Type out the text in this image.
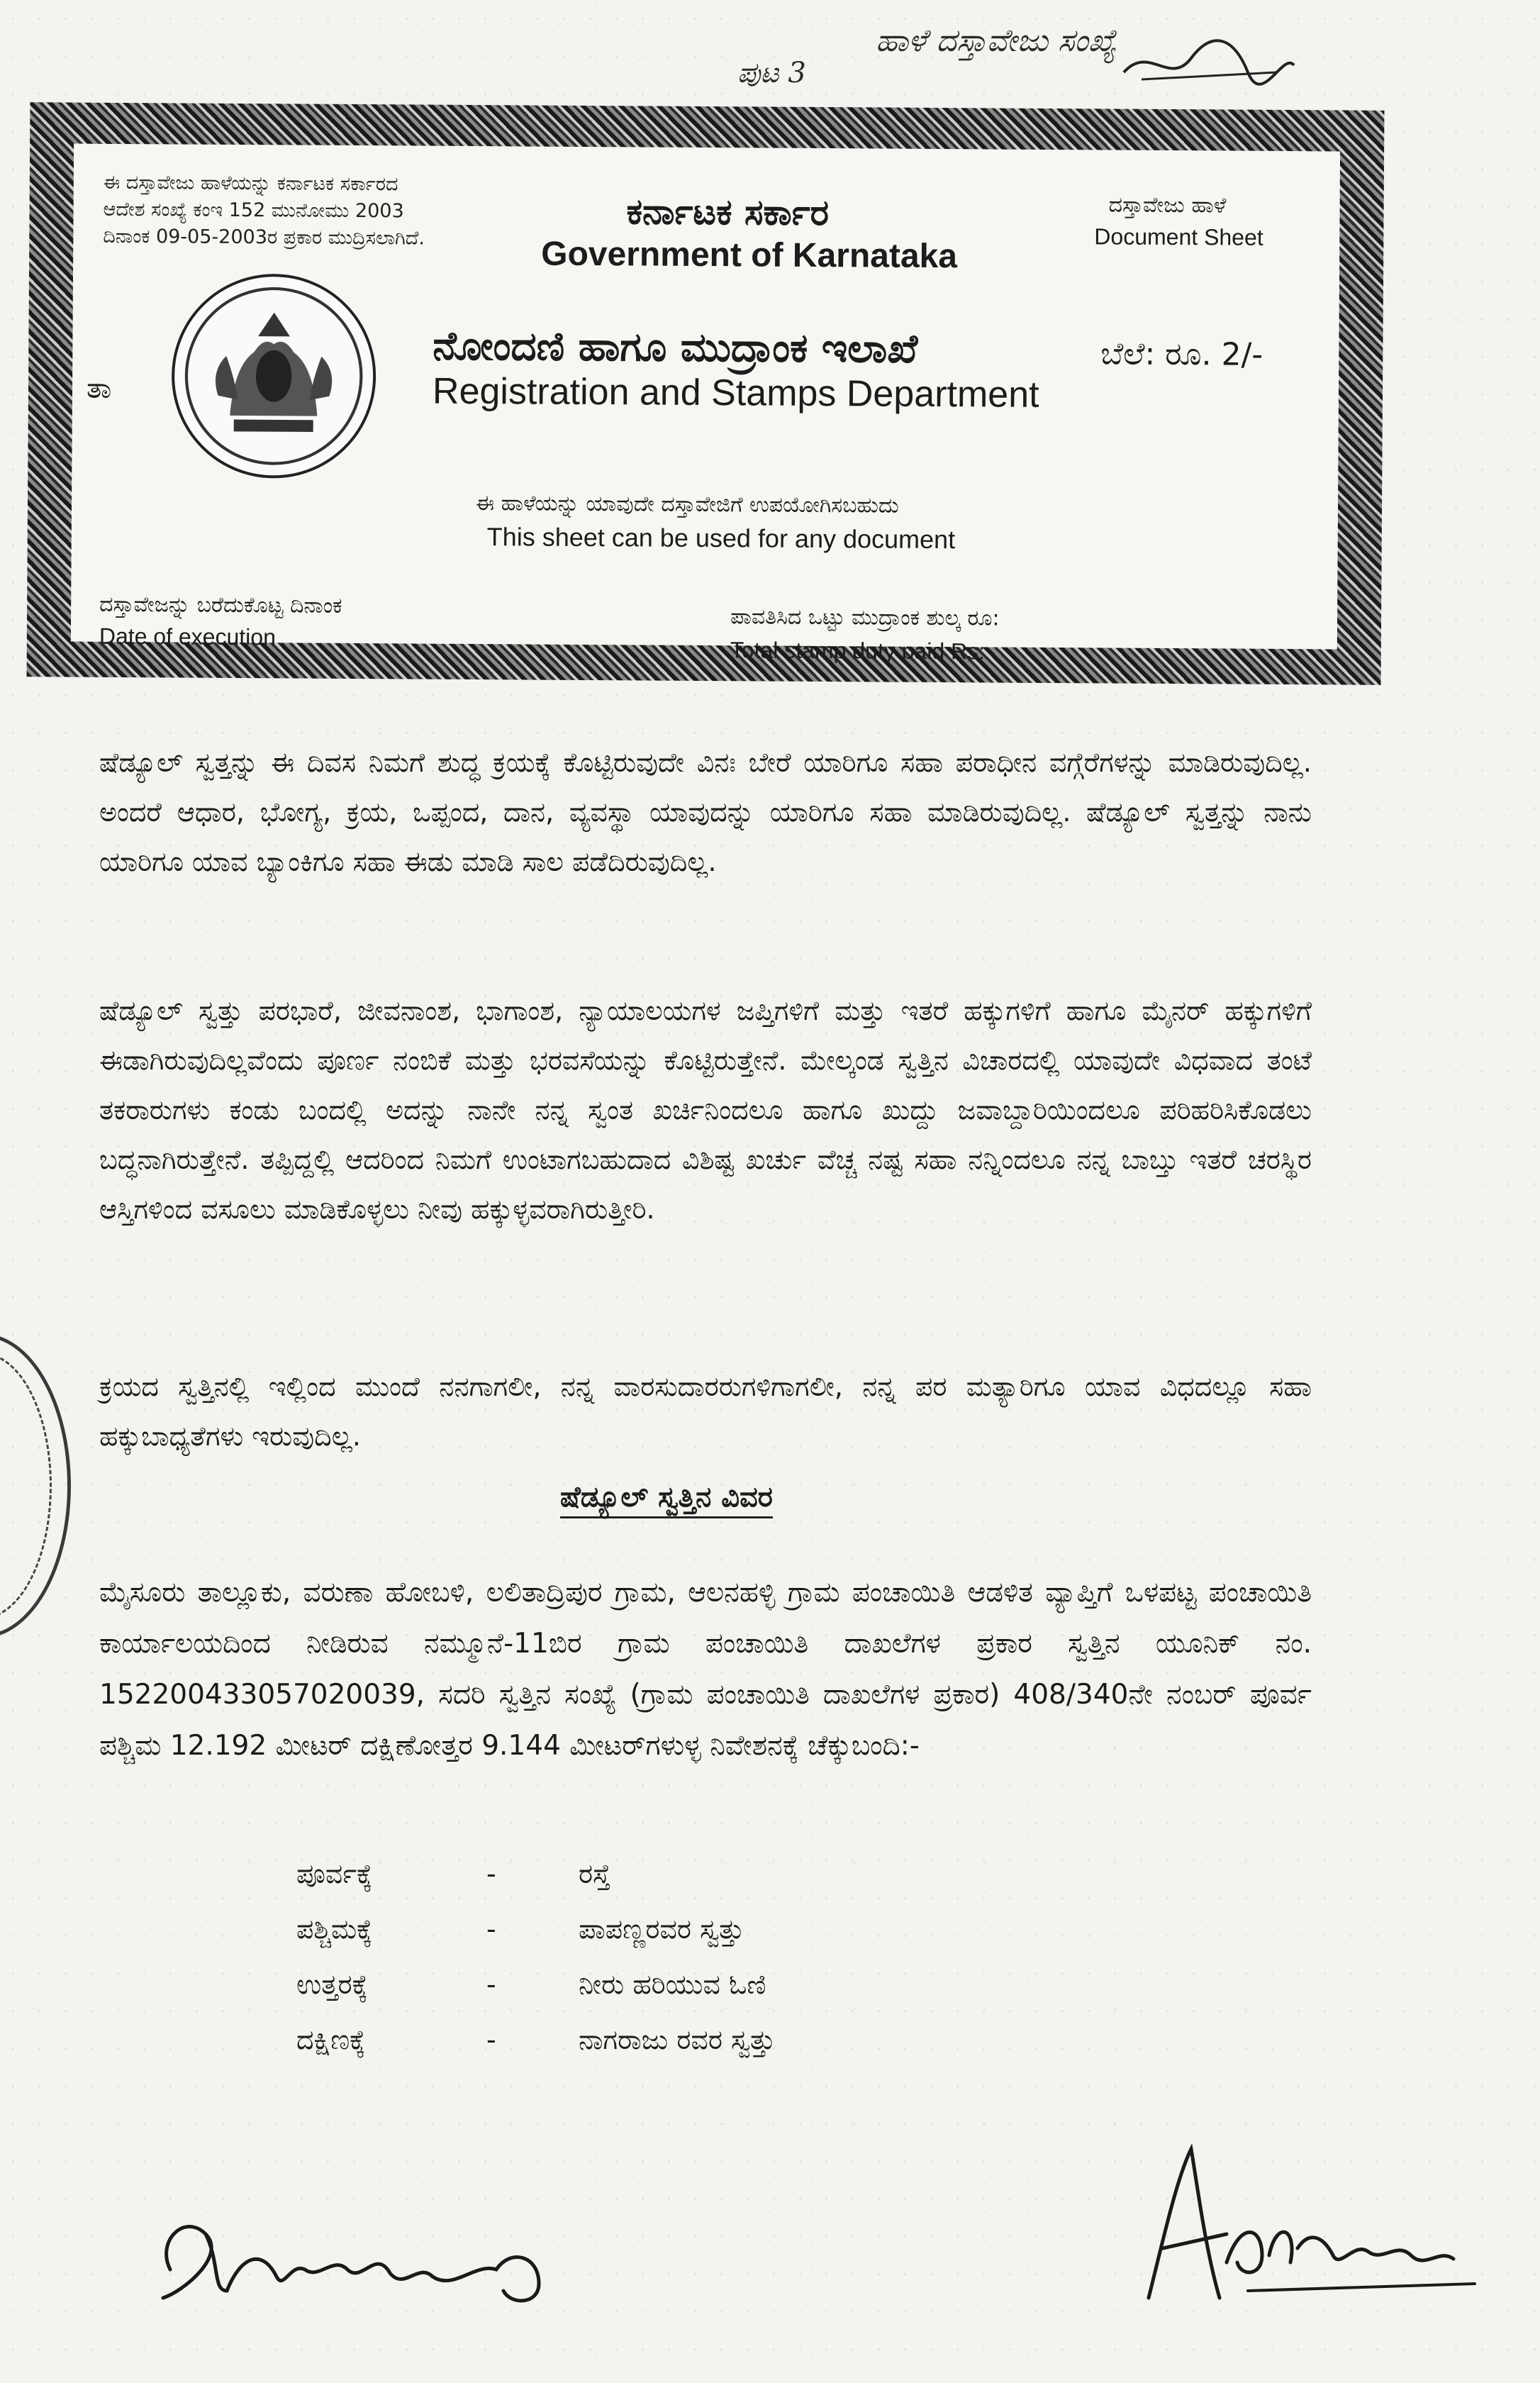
ಪುಟ 3
ಹಾಳೆ ದಸ್ತಾವೇಜು ಸಂಖ್ಯೆ
ಈ ದಸ್ತಾವೇಜು ಹಾಳೆಯನ್ನು ಕರ್ನಾಟಕ ಸರ್ಕಾರದ
ಆದೇಶ ಸಂಖ್ಯೆ ಕಂಇ 152 ಮುನೋಮು 2003
ದಿನಾಂಕ 09-05-2003ರ ಪ್ರಕಾರ ಮುದ್ರಿಸಲಾಗಿದೆ.
ಕರ್ನಾಟಕ ಸರ್ಕಾರ
Government of Karnataka
ದಸ್ತಾವೇಜು ಹಾಳೆ
Document Sheet
ನೋಂದಣಿ ಹಾಗೂ ಮುದ್ರಾಂಕ ಇಲಾಖೆ
Registration and Stamps Department
ಬೆಲೆ: ರೂ. 2/-
ತಾ
ಈ ಹಾಳೆಯನ್ನು ಯಾವುದೇ ದಸ್ತಾವೇಜಿಗೆ ಉಪಯೋಗಿಸಬಹುದು
This sheet can be used for any document
ದಸ್ತಾವೇಜನ್ನು ಬರೆದುಕೊಟ್ಟ ದಿನಾಂಕ
Date of execution
ಪಾವತಿಸಿದ ಒಟ್ಟು ಮುದ್ರಾಂಕ ಶುಲ್ಕ ರೂ:
Total stamp duty paid Rs:
ಷೆಡ್ಯೂಲ್ ಸ್ವತ್ತನ್ನು ಈ ದಿವಸ ನಿಮಗೆ ಶುದ್ಧ ಕ್ರಯಕ್ಕೆ ಕೊಟ್ಟಿರುವುದೇ ವಿನಃ ಬೇರೆ ಯಾರಿಗೂ ಸಹಾ ಪರಾಧೀನ ವಗ್ಗೆರೆಗಳನ್ನು ಮಾಡಿರುವುದಿಲ್ಲ. ಅಂದರೆ ಆಧಾರ, ಭೋಗ್ಯ, ಕ್ರಯ, ಒಪ್ಪಂದ, ದಾನ, ವ್ಯವಸ್ಥಾ ಯಾವುದನ್ನು ಯಾರಿಗೂ ಸಹಾ ಮಾಡಿರುವುದಿಲ್ಲ. ಷೆಡ್ಯೂಲ್ ಸ್ವತ್ತನ್ನು ನಾನು ಯಾರಿಗೂ ಯಾವ ಬ್ಯಾಂಕಿಗೂ ಸಹಾ ಈಡು ಮಾಡಿ ಸಾಲ ಪಡೆದಿರುವುದಿಲ್ಲ.
ಷೆಡ್ಯೂಲ್ ಸ್ವತ್ತು ಪರಭಾರೆ, ಜೀವನಾಂಶ, ಭಾಗಾಂಶ, ನ್ಯಾಯಾಲಯಗಳ ಜಪ್ತಿಗಳಿಗೆ ಮತ್ತು ಇತರೆ ಹಕ್ಕುಗಳಿಗೆ ಹಾಗೂ ಮೈನರ್ ಹಕ್ಕುಗಳಿಗೆ ಈಡಾಗಿರುವುದಿಲ್ಲವೆಂದು ಪೂರ್ಣ ನಂಬಿಕೆ ಮತ್ತು ಭರವಸೆಯನ್ನು ಕೊಟ್ಟಿರುತ್ತೇನೆ. ಮೇಲ್ಕಂಡ ಸ್ವತ್ತಿನ ವಿಚಾರದಲ್ಲಿ ಯಾವುದೇ ವಿಧವಾದ ತಂಟೆ ತಕರಾರುಗಳು ಕಂಡು ಬಂದಲ್ಲಿ ಅದನ್ನು ನಾನೇ ನನ್ನ ಸ್ವಂತ ಖರ್ಚಿನಿಂದಲೂ ಹಾಗೂ ಖುದ್ದು ಜವಾಬ್ದಾರಿಯಿಂದಲೂ ಪರಿಹರಿಸಿಕೊಡಲು ಬದ್ಧನಾಗಿರುತ್ತೇನೆ. ತಪ್ಪಿದ್ದಲ್ಲಿ ಆದರಿಂದ ನಿಮಗೆ ಉಂಟಾಗಬಹುದಾದ ವಿಶಿಷ್ಟ ಖರ್ಚು ವೆಚ್ಚ ನಷ್ಟ ಸಹಾ ನನ್ನಿಂದಲೂ ನನ್ನ ಬಾಬ್ತು ಇತರೆ ಚರಸ್ಥಿರ ಆಸ್ತಿಗಳಿಂದ ವಸೂಲು ಮಾಡಿಕೊಳ್ಳಲು ನೀವು ಹಕ್ಕುಳ್ಳವರಾಗಿರುತ್ತೀರಿ.
ಕ್ರಯದ ಸ್ವತ್ತಿನಲ್ಲಿ ಇಲ್ಲಿಂದ ಮುಂದೆ ನನಗಾಗಲೀ, ನನ್ನ ವಾರಸುದಾರರುಗಳಿಗಾಗಲೀ, ನನ್ನ ಪರ ಮತ್ಯಾರಿಗೂ ಯಾವ ವಿಧದಲ್ಲೂ ಸಹಾ ಹಕ್ಕುಬಾಧ್ಯತೆಗಳು ಇರುವುದಿಲ್ಲ.
ಷೆಡ್ಯೂಲ್ ಸ್ವತ್ತಿನ ವಿವರ
ಮೈಸೂರು ತಾಲ್ಲೂಕು, ವರುಣಾ ಹೋಬಳಿ, ಲಲಿತಾದ್ರಿಪುರ ಗ್ರಾಮ, ಆಲನಹಳ್ಳಿ ಗ್ರಾಮ ಪಂಚಾಯಿತಿ ಆಡಳಿತ ವ್ಯಾಪ್ತಿಗೆ ಒಳಪಟ್ಟ ಪಂಚಾಯಿತಿ ಕಾರ್ಯಾಲಯದಿಂದ ನೀಡಿರುವ ನಮ್ಮೂನೆ-11ಬಿರ ಗ್ರಾಮ ಪಂಚಾಯಿತಿ ದಾಖಲೆಗಳ ಪ್ರಕಾರ ಸ್ವತ್ತಿನ ಯೂನಿಕ್ ನಂ. 152200433057020039, ಸದರಿ ಸ್ವತ್ತಿನ ಸಂಖ್ಯೆ (ಗ್ರಾಮ ಪಂಚಾಯಿತಿ ದಾಖಲೆಗಳ ಪ್ರಕಾರ) 408/340ನೇ ನಂಬರ್ ಪೂರ್ವ ಪಶ್ಚಿಮ 12.192 ಮೀಟರ್ ದಕ್ಷಿಣೋತ್ತರ 9.144 ಮೀಟರ್‌ಗಳುಳ್ಳ ನಿವೇಶನಕ್ಕೆ ಚೆಕ್ಕುಬಂದಿ:-
ಪೂರ್ವಕ್ಕೆ	-	ರಸ್ತೆ
ಪಶ್ಚಿಮಕ್ಕೆ	-	ಪಾಪಣ್ಣರವರ ಸ್ವತ್ತು
ಉತ್ತರಕ್ಕೆ	-	ನೀರು ಹರಿಯುವ ಓಣಿ
ದಕ್ಷಿಣಕ್ಕೆ	-	ನಾಗರಾಜು ರವರ ಸ್ವತ್ತು
